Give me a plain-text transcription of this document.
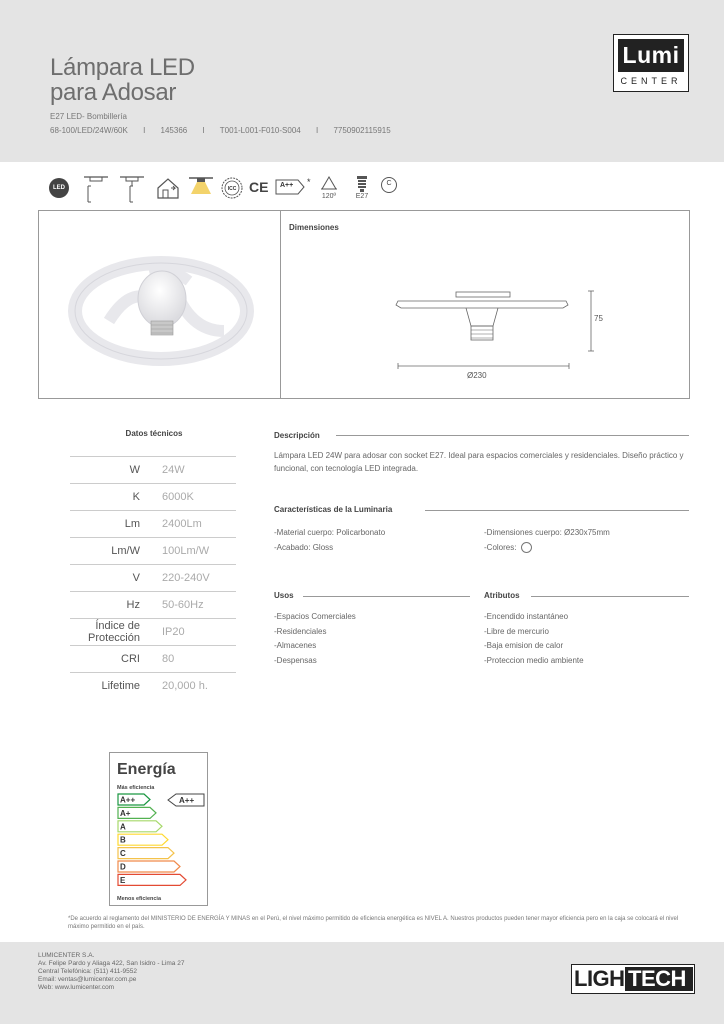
Lámpara LED
para Adosar
E27 LED- Bombillería
68-100/LED/24W/60K I 145366 I T001-L001-F010-S004 I 7750902115915
Lumi
CENTER
LED	ICC CE A++ *
120º	E27
C
Dimensiones
75
Ø230
Datos técnicos
W	24W
K	6000K
Lm	2400Lm
Lm/W	100Lm/W
V	220-240V
Hz	50-60Hz
Índice de Protección	IP20
CRI	80
Lifetime	20,000 h.
Descripción
Lámpara LED 24W para adosar con socket E27. Ideal para espacios comerciales y residenciales. Diseño práctico y funcional, con tecnología LED integrada.
Características de la Luminaria
-Material cuerpo: Policarbonato
-Acabado: Gloss
-Dimensiones cuerpo: Ø230x75mm
-Colores:
Usos
-Espacios Comerciales
-Residenciales
-Almacenes
-Despensas
Atributos
-Encendido instantáneo
-Libre de mercurio
-Baja emision de calor
-Proteccion medio ambiente
Energía
Más eficiencia
A++
A+
A
B
C
D
E
A++
Menos eficiencia
*De acuerdo al reglamento del MINISTERIO DE ENERGÍA Y MINAS en el Perú, el nivel máximo permitido de eficiencia energética es NIVEL A. Nuestros productos pueden tener mayor eficiencia pero en la caja se colocará el nivel máximo permitido en el país.
LUMICENTER S.A.
Av. Felipe Pardo y Aliaga 422, San Isidro - Lima 27
Central Telefónica: (511) 411-9552
Email: ventas@lumicenter.com.pe
Web: www.lumicenter.com	LIGH TECH
